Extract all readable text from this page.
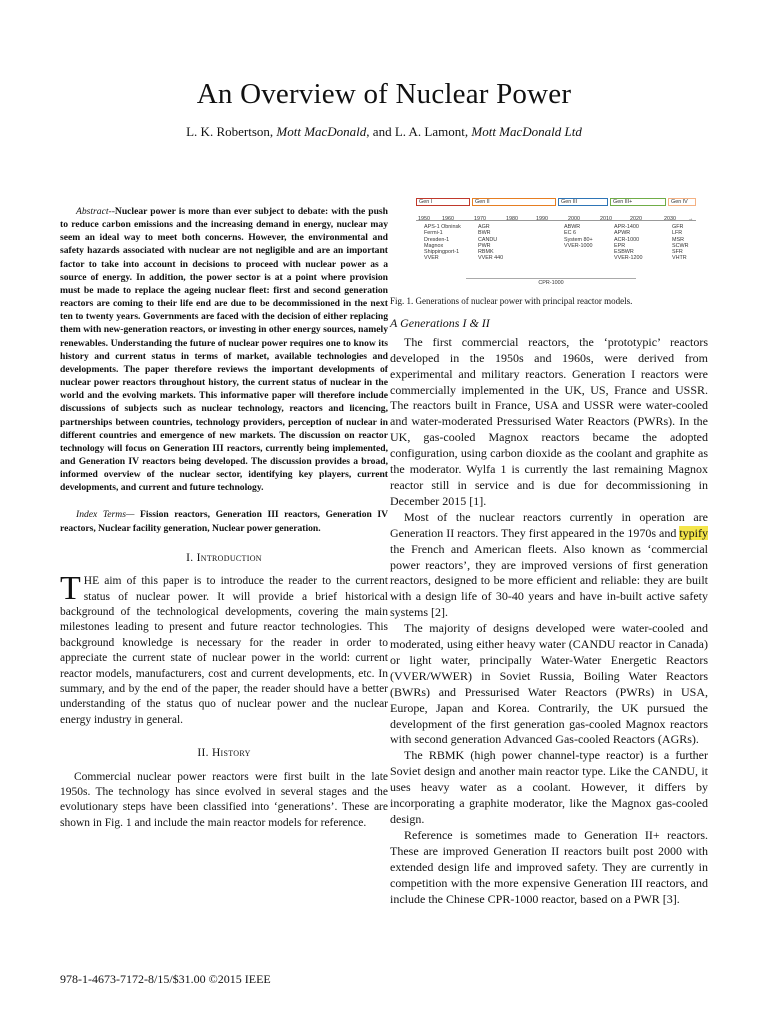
An Overview of Nuclear Power
L. K. Robertson, Mott MacDonald, and L. A. Lamont, Mott MacDonald Ltd

Abstract--Nuclear power is more than ever subject to debate: with the push to reduce carbon emissions and the increasing demand in energy, nuclear may seem an ideal way to meet both concerns. However, the environmental and safety hazards associated with nuclear are not negligible and are an important factor to take into account in decisions to proceed with nuclear power as a source of energy. In addition, the power sector is at a point where provision must be made to replace the ageing nuclear fleet: first and second generation reactors are coming to their life end are due to be decommissioned in the next ten to twenty years. Governments are faced with the decision of either replacing them with new-generation reactors, or investing in other energy sources, namely renewables. Understanding the future of nuclear power requires one to know its history and current status in terms of market, available technologies and developments. The paper therefore reviews the important developments of nuclear power reactors throughout history, the current status of nuclear in the world and the evolving markets. This informative paper will therefore include discussions of subjects such as nuclear technology, reactors and licencing, partnerships between countries, technology providers, perception of nuclear in different countries and emergence of new markets. The discussion on reactor technology will focus on Generation III reactors, currently being implemented, and Generation IV reactors being developed. The discussion provides a broad, informed overview of the nuclear sector, identifying key players, current developments, and current and future technology.

Index Terms— Fission reactors, Generation III reactors, Generation IV reactors, Nuclear facility generation, Nuclear power generation.

I. Introduction

THE aim of this paper is to introduce the reader to the current status of nuclear power. It will provide a brief historical background of the technological developments, covering the main milestones leading to present and future reactor technologies. This background knowledge is necessary for the reader in order to appreciate the current state of nuclear power in the world: current reactor models, manufacturers, cost and current developments, etc. In summary, and by the end of the paper, the reader should have a better understanding of the status quo of nuclear power and the nuclear energy industry in general.

II. History

Commercial nuclear power reactors were first built in the late 1950s. The technology has since evolved in several stages and the evolutionary steps have been classified into ‘generations’. These are shown in Fig. 1 and include the main reactor models for reference.

Gen I	Gen II	Gen III	Gen III+	Gen IV
1950 1960	1970	1980	1990	2000	2010	2020	2030 →
APS-1 Obninsk
Fermi-1
Dresden-1
Magnox
Shippingport-1
VVER
AGR
BWR
CANDU
PWR
RBMK
VVER 440
ABWR
EC 6
System 80+
VVER-1000
APR-1400
APWR
ACR-1000
EPR
ESBWR
VVER-1200
GFR
LFR
MSR
SCWR
SFR
VHTR
CPR-1000

Fig. 1. Generations of nuclear power with principal reactor models.

A Generations I & II

The first commercial reactors, the ‘prototypic’ reactors developed in the 1950s and 1960s, were derived from experimental and military reactors. Generation I reactors were commercially implemented in the UK, US, France and USSR. The reactors built in France, USA and USSR were water-cooled and water-moderated Pressurised Water Reactors (PWRs). In the UK, gas-cooled Magnox reactors became the adopted configuration, using carbon dioxide as the coolant and graphite as the moderator. Wylfa 1 is currently the last remaining Magnox reactor still in service and is due for decommissioning in December 2015 [1].

Most of the nuclear reactors currently in operation are Generation II reactors. They first appeared in the 1970s and typify the French and American fleets. Also known as ‘commercial power reactors’, they are improved versions of first generation reactors, designed to be more efficient and reliable: they are built with a design life of 30-40 years and have in-built active safety systems [2].

The majority of designs developed were water-cooled and moderated, using either heavy water (CANDU reactor in Canada) or light water, principally Water-Water Energetic Reactors (VVER/WWER) in Soviet Russia, Boiling Water Reactors (BWRs) and Pressurised Water Reactors (PWRs) in USA, Europe, Japan and Korea. Contrarily, the UK pursued the development of the first generation gas-cooled Magnox reactors with second generation Advanced Gas-cooled Reactors (AGRs).

The RBMK (high power channel-type reactor) is a further Soviet design and another main reactor type. Like the CANDU, it uses heavy water as a coolant. However, it differs by incorporating a graphite moderator, like the Magnox gas-cooled design.

Reference is sometimes made to Generation II+ reactors. These are improved Generation II reactors built post 2000 with extended design life and improved safety. They are currently in competition with the more expensive Generation III reactors, and include the Chinese CPR-1000 reactor, based on a PWR [3].

978-1-4673-7172-8/15/$31.00 ©2015 IEEE
